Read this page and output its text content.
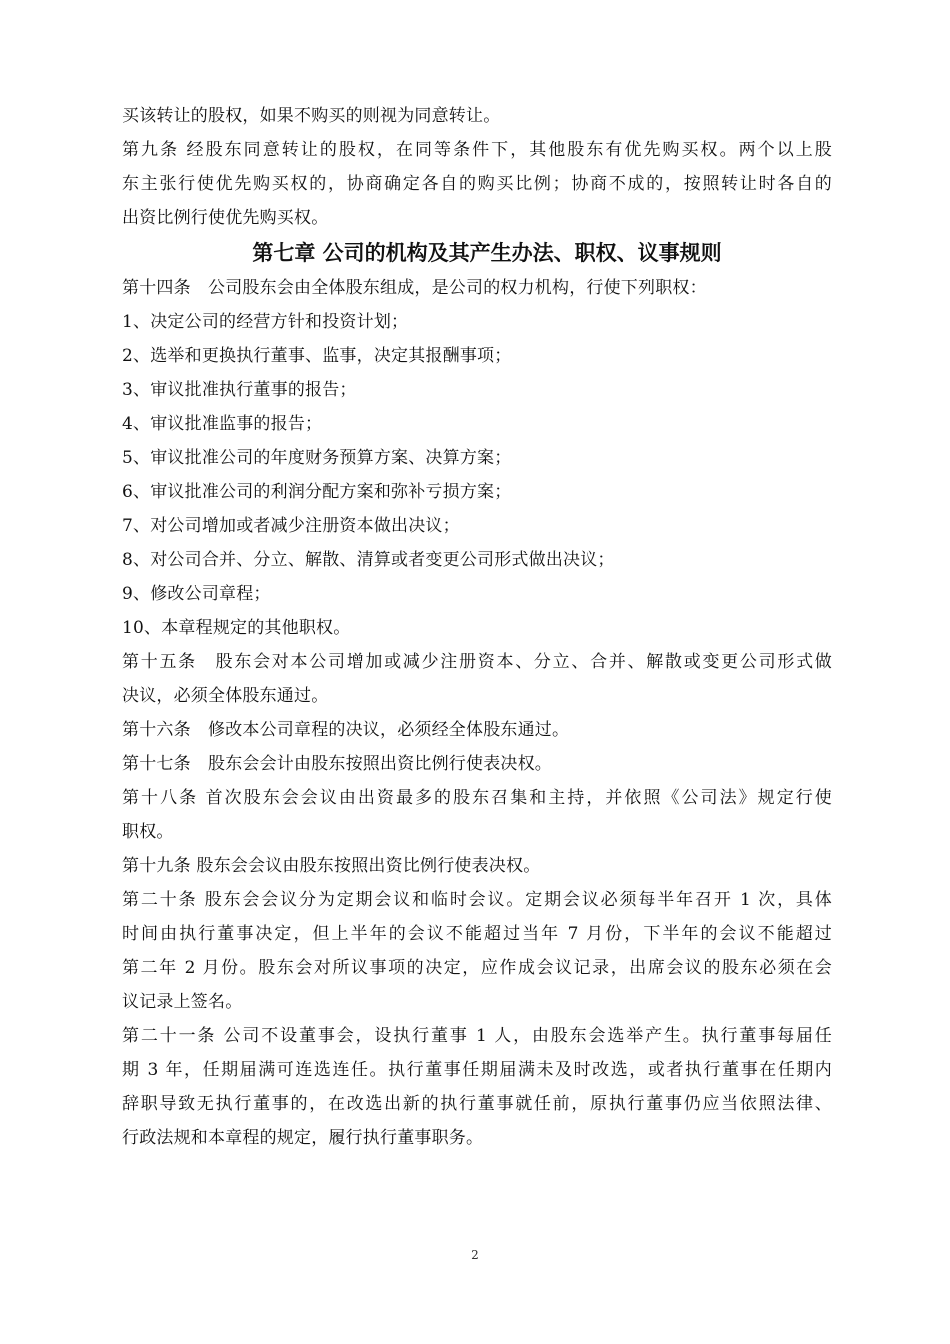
买该转让的股权，如果不购买的则视为同意转让。
第九条 经股东同意转让的股权，在同等条件下，其他股东有优先购买权。两个以上股
东主张行使优先购买权的，协商确定各自的购买比例；协商不成的，按照转让时各自的
出资比例行使优先购买权。
第七章 公司的机构及其产生办法、职权、议事规则
第十四条　公司股东会由全体股东组成，是公司的权力机构，行使下列职权：
1、决定公司的经营方针和投资计划；
2、选举和更换执行董事、监事，决定其报酬事项；
3、审议批准执行董事的报告；
4、审议批准监事的报告；
5、审议批准公司的年度财务预算方案、决算方案；
6、审议批准公司的利润分配方案和弥补亏损方案；
7、对公司增加或者减少注册资本做出决议；
8、对公司合并、分立、解散、清算或者变更公司形式做出决议；
9、修改公司章程；
10、本章程规定的其他职权。
第十五条　股东会对本公司增加或减少注册资本、分立、合并、解散或变更公司形式做
决议，必须全体股东通过。
第十六条　修改本公司章程的决议，必须经全体股东通过。
第十七条　股东会会计由股东按照出资比例行使表决权。
第十八条 首次股东会会议由出资最多的股东召集和主持，并依照《公司法》规定行使
职权。
第十九条 股东会会议由股东按照出资比例行使表决权。
第二十条 股东会会议分为定期会议和临时会议。定期会议必须每半年召开 1 次，具体
时间由执行董事决定，但上半年的会议不能超过当年 7 月份，下半年的会议不能超过
第二年 2 月份。股东会对所议事项的决定，应作成会议记录，出席会议的股东必须在会
议记录上签名。
第二十一条 公司不设董事会，设执行董事 1 人，由股东会选举产生。执行董事每届任
期 3 年，任期届满可连选连任。执行董事任期届满未及时改选，或者执行董事在任期内
辞职导致无执行董事的，在改选出新的执行董事就任前，原执行董事仍应当依照法律、
行政法规和本章程的规定，履行执行董事职务。
2
